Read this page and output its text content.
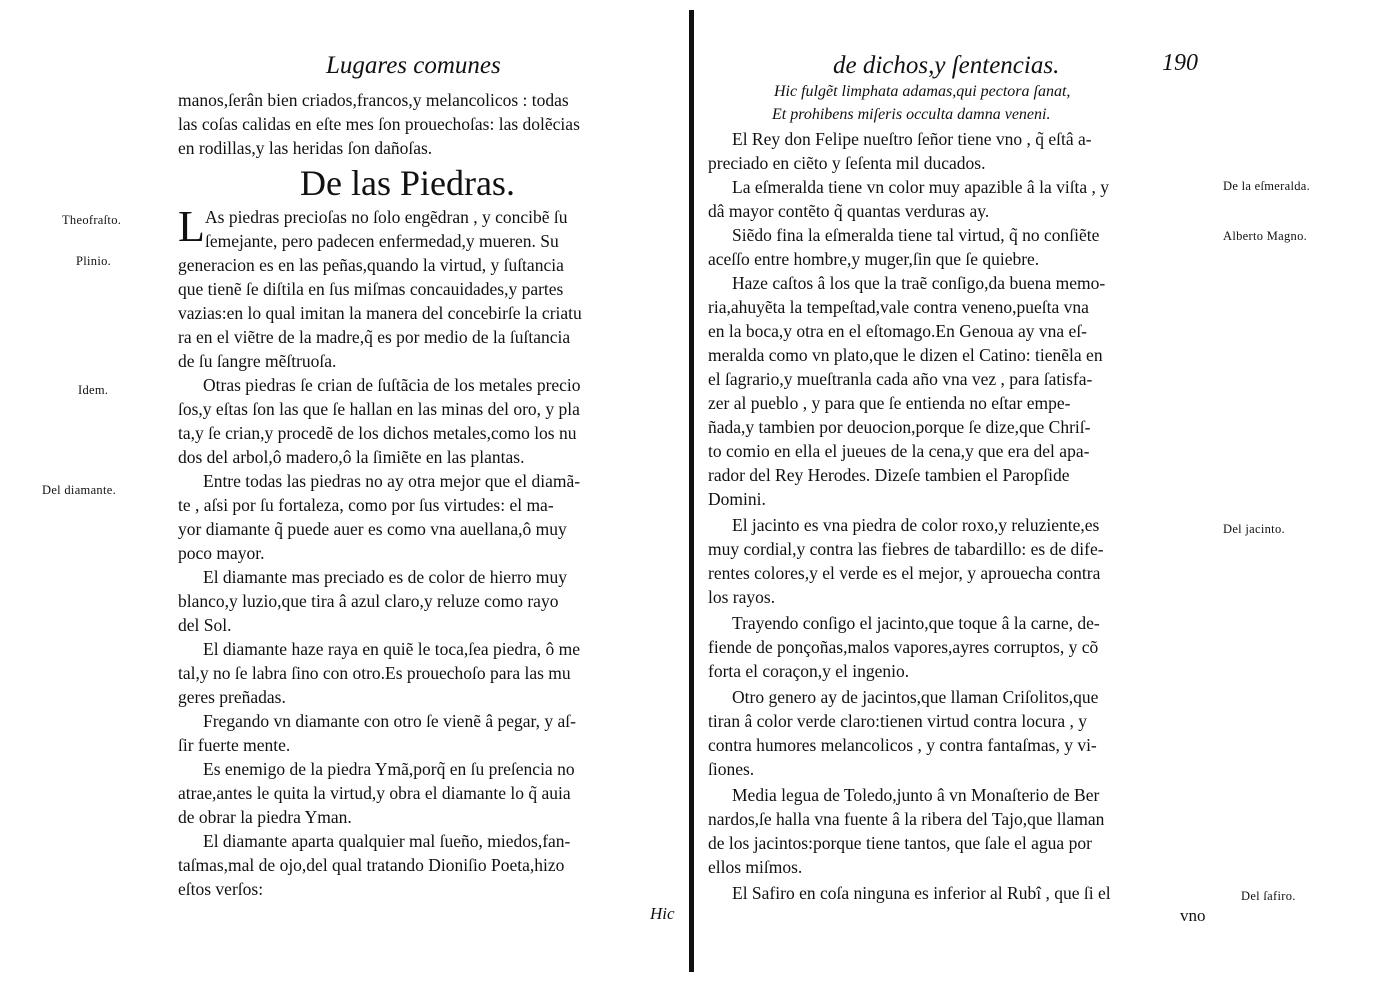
Lugares comunes
manos,ſerân bien criados,francos,y melancolicos : todas
las coſas calidas en eſte mes ſon prouechoſas: las dolẽcias
en rodillas,y las heridas ſon dañoſas.
De las Piedras.
L
Theofraſto.
Plinio.
Idem.
Del diamante.
As piedras precioſas no ſolo engẽdran , y concibẽ ſu
ſemejante, pero padecen enfermedad,y mueren. Su
generacion es en las peñas,quando la virtud, y ſuſtancia
que tienẽ ſe diſtila en ſus miſmas concauidades,y partes
vazias:en lo qual imitan la manera del concebirſe la criatu
ra en el viẽtre de la madre,q̃ es por medio de la ſuſtancia
de ſu ſangre mẽſtruoſa.
Otras piedras ſe crian de ſuſtãcia de los metales precio
ſos,y eſtas ſon las que ſe hallan en las minas del oro, y pla
ta,y ſe crian,y procedẽ de los dichos metales,como los nu
dos del arbol,ô madero,ô la ſimiẽte en las plantas.
Entre todas las piedras no ay otra mejor que el diamã-
te , aſsi por ſu fortaleza, como por ſus virtudes: el ma-
yor diamante q̃ puede auer es como vna auellana,ô muy
poco mayor.
El diamante mas preciado es de color de hierro muy
blanco,y luzio,que tira â azul claro,y reluze como rayo
del Sol.
El diamante haze raya en quiẽ le toca,ſea piedra, ô me
tal,y no ſe labra ſino con otro.Es prouechoſo para las mu
geres preñadas.
Fregando vn diamante con otro ſe vienẽ â pegar, y aſ-
ſir fuerte mente.
Es enemigo de la piedra Ymã,porq̃ en ſu preſencia no
atrae,antes le quita la virtud,y obra el diamante lo q̃ auia
de obrar la piedra Yman.
El diamante aparta qualquier mal ſueño, miedos,fan-
taſmas,mal de ojo,del qual tratando Dioniſio Poeta,hizo
eſtos verſos:
Hic
de dichos,y ſentencias.	190
Hic fulgẽt limphata adamas,qui pectora ſanat,
Et prohibens miſeris occulta damna veneni.
De la eſmeralda.
Alberto Magno.
Del jacinto.
Del ſafiro.
El Rey don Felipe nueſtro ſeñor tiene vno , q̃ eſtâ a-
preciado en ciẽto y ſeſenta mil ducados.
La eſmeralda tiene vn color muy apazible â la viſta , y
dâ mayor contẽto q̃ quantas verduras ay.
Siẽdo fina la eſmeralda tiene tal virtud, q̃ no conſiẽte
aceſſo entre hombre,y muger,ſin que ſe quiebre.
Haze caſtos â los que la traẽ conſigo,da buena memo-
ria,ahuyẽta la tempeſtad,vale contra veneno,pueſta vna
en la boca,y otra en el eſtomago.En Genoua ay vna eſ-
meralda como vn plato,que le dizen el Catino: tienẽla en
el ſagrario,y mueſtranla cada año vna vez , para ſatisfa-
zer al pueblo , y para que ſe entienda no eſtar empe-
ñada,y tambien por deuocion,porque ſe dize,que Chriſ-
to comio en ella el jueues de la cena,y que era del apa-
rador del Rey Herodes. Dizeſe tambien el Paropſide
Domini.
El jacinto es vna piedra de color roxo,y reluziente,es
muy cordial,y contra las fiebres de tabardillo: es de dife-
rentes colores,y el verde es el mejor, y aprouecha contra
los rayos.
Trayendo conſigo el jacinto,que toque â la carne, de-
fiende de ponçoñas,malos vapores,ayres corruptos, y cõ
forta el coraçon,y el ingenio.
Otro genero ay de jacintos,que llaman Criſolitos,que
tiran â color verde claro:tienen virtud contra locura , y
contra humores melancolicos , y contra fantaſmas, y vi-
ſiones.
Media legua de Toledo,junto â vn Monaſterio de Ber
nardos,ſe halla vna fuente â la ribera del Tajo,que llaman
de los jacintos:porque tiene tantos, que ſale el agua por
ellos miſmos.
El Safiro en coſa ninguna es inferior al Rubî , que ſi el
vno
